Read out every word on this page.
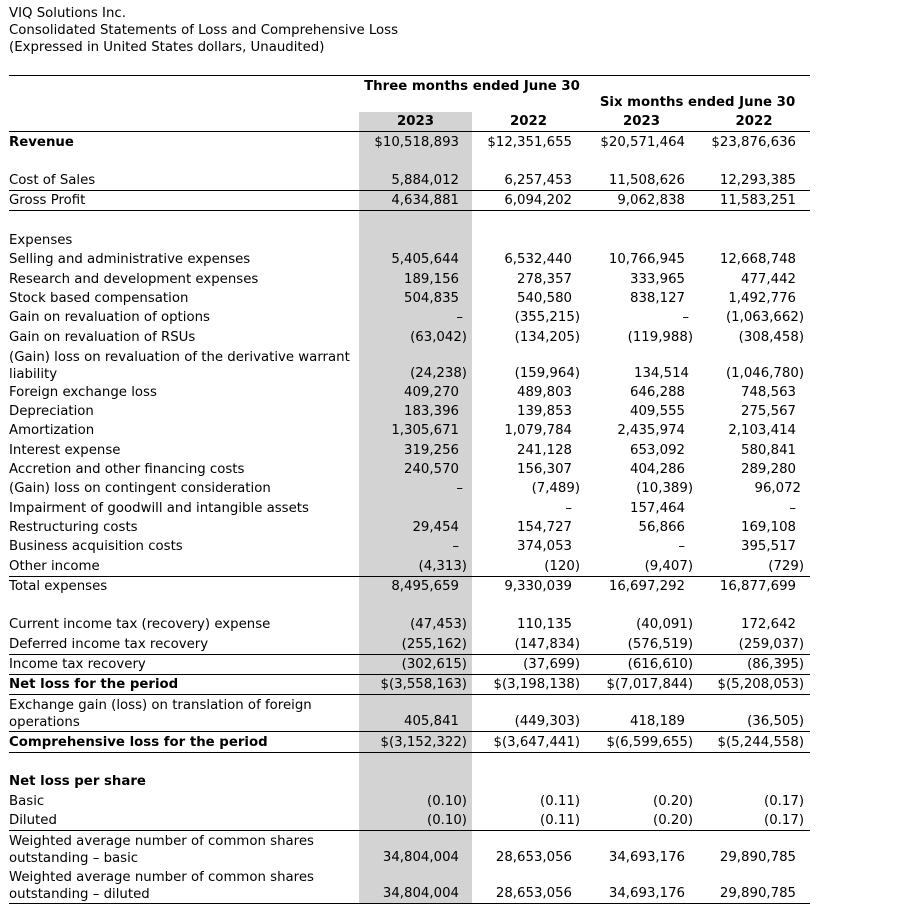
VIQ Solutions Inc.
Consolidated Statements of Loss and Comprehensive Loss
(Expressed in United States dollars, Unaudited)
	Three months ended June 30		Six months ended June 30	
	2023	2022	2023	2022
Revenue	$10,518,893	$12,351,655	$20,571,464	$23,876,636

Cost of Sales	5,884,012	6,257,453	11,508,626	12,293,385
Gross Profit	4,634,881	6,094,202	9,062,838	11,583,251

Expenses				
Selling and administrative expenses	5,405,644	6,532,440	10,766,945	12,668,748
Research and development expenses	189,156	278,357	333,965	477,442
Stock based compensation	504,835	540,580	838,127	1,492,776
Gain on revaluation of options	–	(355,215)	–	(1,063,662)
Gain on revaluation of RSUs	(63,042)	(134,205)	(119,988)	(308,458)
(Gain) loss on revaluation of the derivative warrant liability	(24,238)	(159,964)	134,514	(1,046,780)
Foreign exchange loss	409,270	489,803	646,288	748,563
Depreciation	183,396	139,853	409,555	275,567
Amortization	1,305,671	1,079,784	2,435,974	2,103,414
Interest expense	319,256	241,128	653,092	580,841
Accretion and other financing costs	240,570	156,307	404,286	289,280
(Gain) loss on contingent consideration	–	(7,489)	(10,389)	96,072
Impairment of goodwill and intangible assets		–	157,464	–
Restructuring costs	29,454	154,727	56,866	169,108
Business acquisition costs	–	374,053	–	395,517
Other income	(4,313)	(120)	(9,407)	(729)
Total expenses	8,495,659	9,330,039	16,697,292	16,877,699

Current income tax (recovery) expense	(47,453)	110,135	(40,091)	172,642
Deferred income tax recovery	(255,162)	(147,834)	(576,519)	(259,037)
Income tax recovery	(302,615)	(37,699)	(616,610)	(86,395)
Net loss for the period	$(3,558,163)	$(3,198,138)	$(7,017,844)	$(5,208,053)
Exchange gain (loss) on translation of foreign operations	405,841	(449,303)	418,189	(36,505)
Comprehensive loss for the period	$(3,152,322)	$(3,647,441)	$(6,599,655)	$(5,244,558)

Net loss per share				
Basic	(0.10)	(0.11)	(0.20)	(0.17)
Diluted	(0.10)	(0.11)	(0.20)	(0.17)
Weighted average number of common shares outstanding – basic	34,804,004	28,653,056	34,693,176	29,890,785
Weighted average number of common shares outstanding – diluted	34,804,004	28,653,056	34,693,176	29,890,785
